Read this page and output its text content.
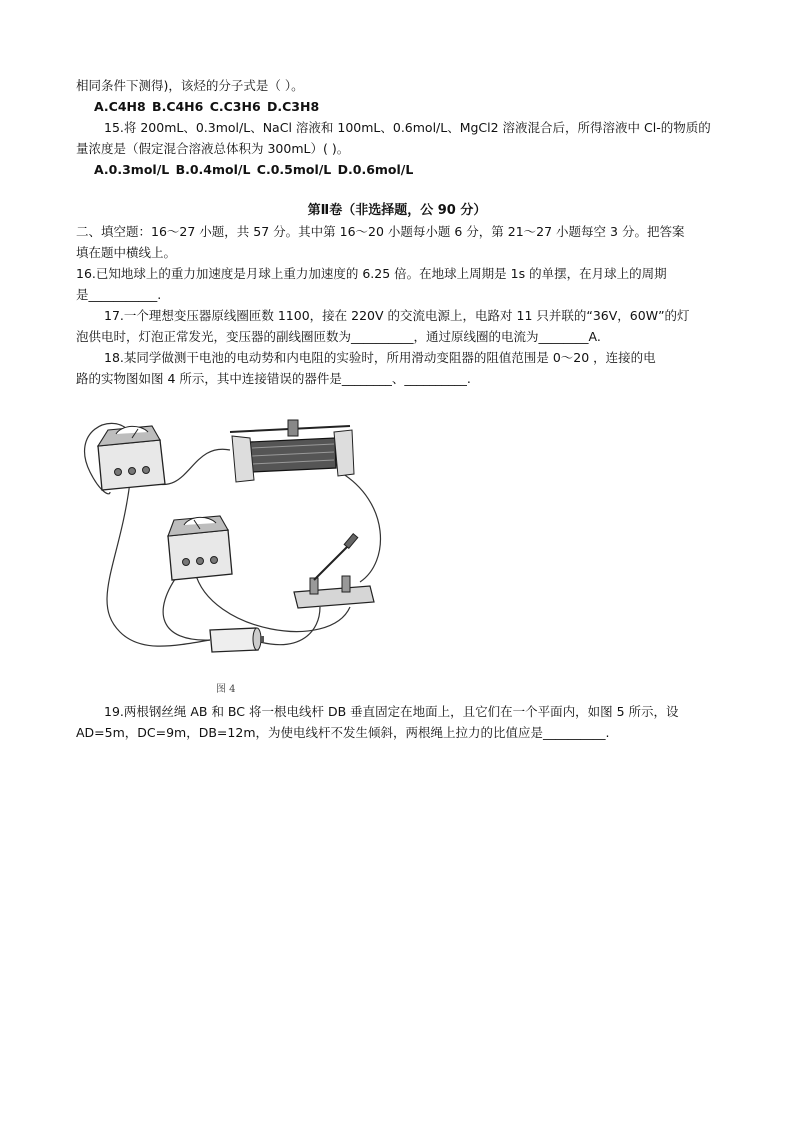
相同条件下测得)，该烃的分子式是（ ）。
A.C4H8 B.C4H6 C.C3H6 D.C3H8
15.将 200mL、0.3mol/L、NaCl 溶液和 100mL、0.6mol/L、MgCl2 溶液混合后，所得溶液中 Cl-的物质的
量浓度是（假定混合溶液总体积为 300mL）( )。
A.0.3mol/L B.0.4mol/L C.0.5mol/L D.0.6mol/L
第Ⅱ卷（非选择题，公 90 分）
二、填空题：16～27 小题，共 57 分。其中第 16～20 小题每小题 6 分，第 21～27 小题每空 3 分。把答案
填在题中横线上。
16.已知地球上的重力加速度是月球上重力加速度的 6.25 倍。在地球上周期是 1s 的单摆，在月球上的周期
是___________.
17.一个理想变压器原线圈匝数 1100，接在 220V 的交流电源上，电路对 11 只并联的“36V，60W”的灯
泡供电时，灯泡正常发光，变压器的副线圈匝数为__________，通过原线圈的电流为________A.
18.某同学做测干电池的电动势和内电阻的实验时，所用滑动变阻器的阻值范围是 0～20 ，连接的电
路的实物图如图 4 所示，其中连接错误的器件是________、__________.
图 4
19.两根钢丝绳 AB 和 BC 将一根电线杆 DB 垂直固定在地面上，且它们在一个平面内，如图 5 所示，设
AD=5m，DC=9m，DB=12m，为使电线杆不发生倾斜，两根绳上拉力的比值应是__________.
